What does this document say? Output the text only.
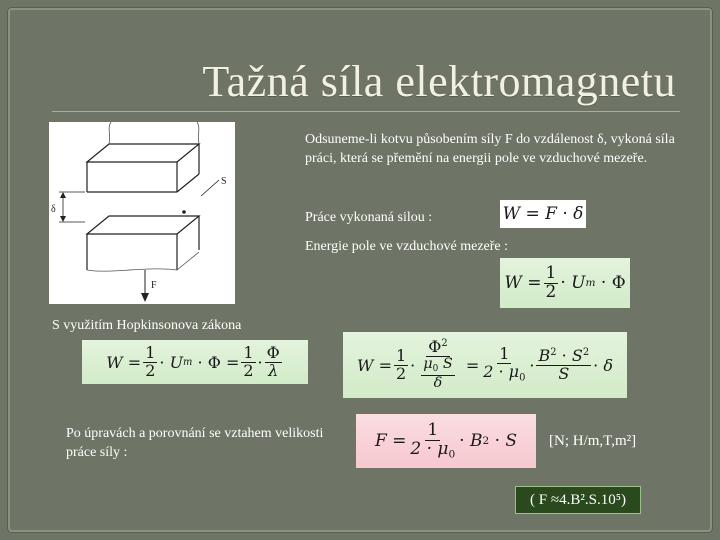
Tažná síla elektromagnetu
S
δ
F
Odsuneme-li kotvu působením síly F do vzdálenost δ, vykoná síla práci, která se přemění na energii pole ve vzduchové mezeře.
Práce vykonaná silou :
Energie pole ve vzduchové mezeře :
W
=
F
·
δ
W
= $\frac{1}{2}$ ·
U m · Φ
S využitím Hopkinsonova zákona
W
= $\frac{1}{2}$ ·
U m
·
Φ
= $\frac{1}{2} \cdot \frac{\Phi}{\lambda}$	W
= $\frac{1}{2} \cdot \frac{\Phi^2}{\frac{\mu_0 S}{\delta}}$
= $\frac{1}{2 \cdot \mu_0} \cdot \frac{B^2 \cdot S^2}{S}$ ·
δ
Po úpravách a porovnání se vztahem velikosti práce síly :
F
= $\frac{1}{2 \cdot \mu_0}$ ·
B 2
·
S [N; H/m,T,m²]
( F ≈4.B².S.10⁵)
